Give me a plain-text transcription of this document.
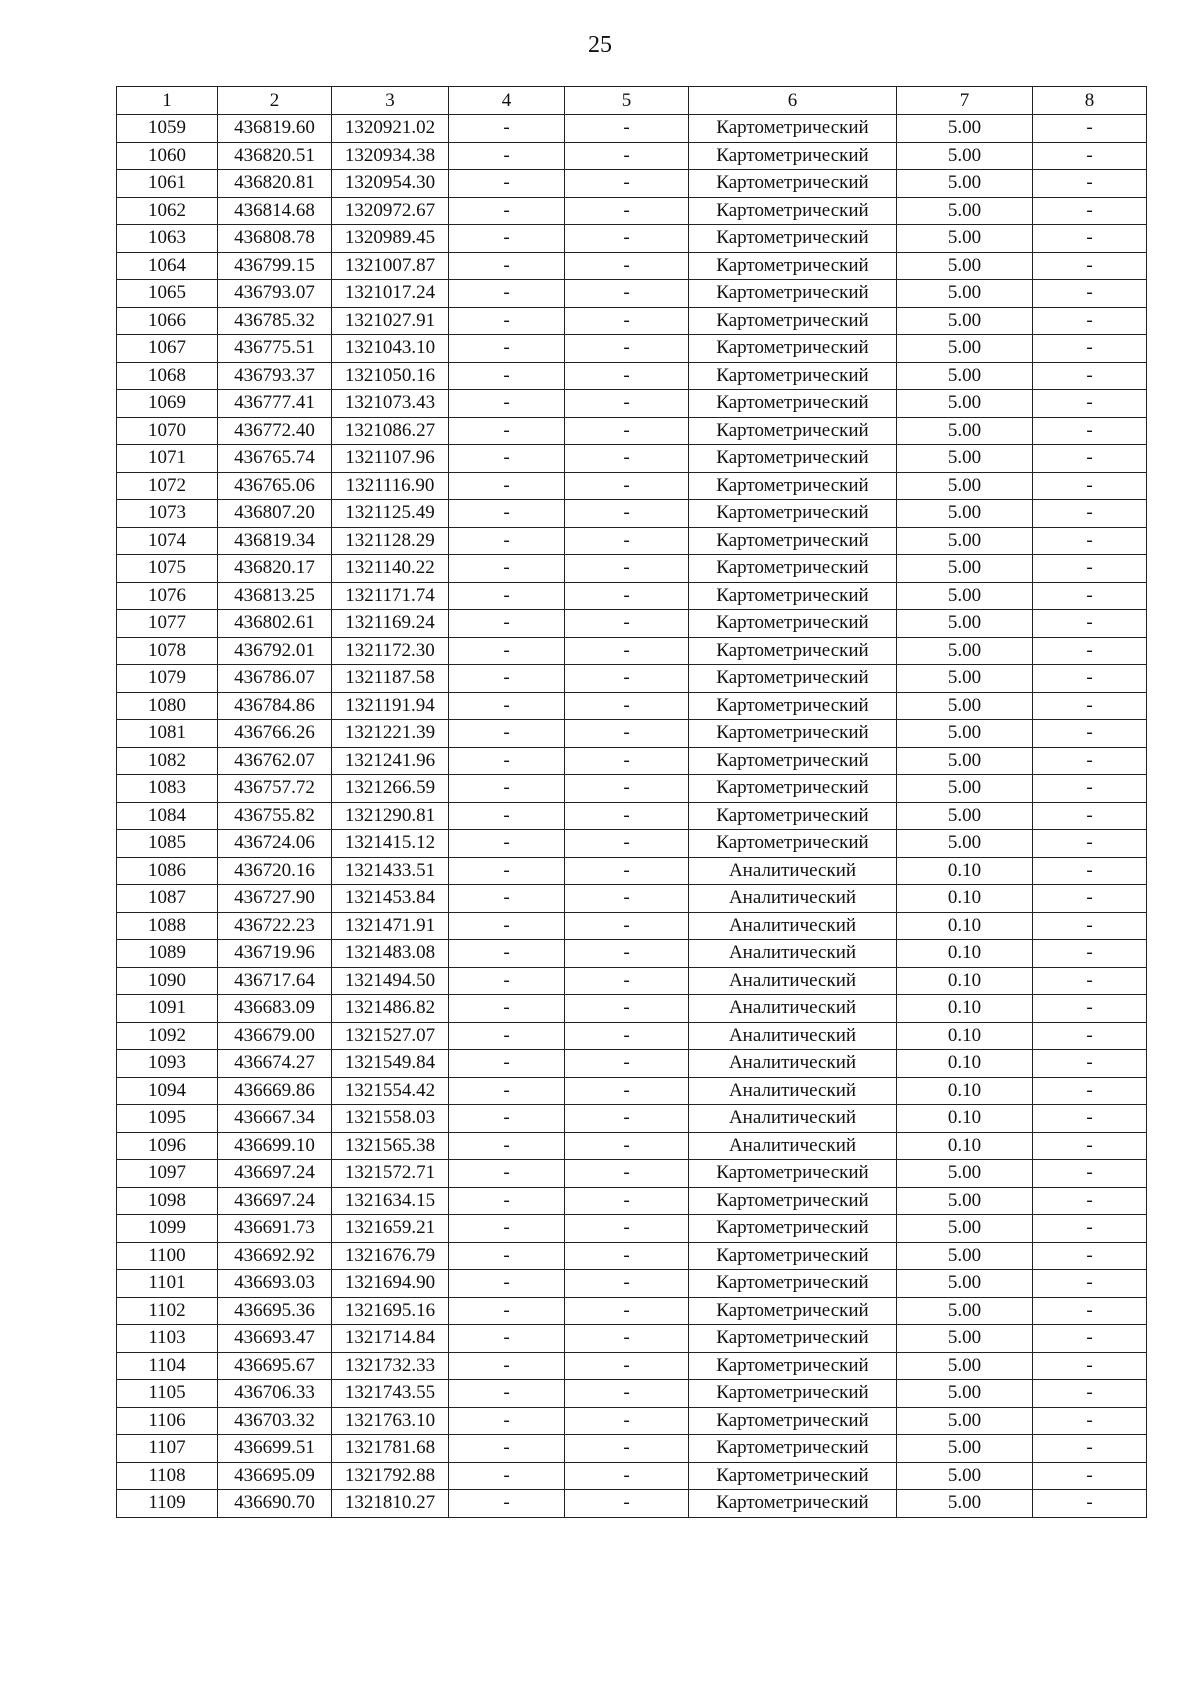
25
1	2	3	4	5	6	7	8
1059	436819.60	1320921.02	-	-	Картометрический	5.00	-
1060	436820.51	1320934.38	-	-	Картометрический	5.00	-
1061	436820.81	1320954.30	-	-	Картометрический	5.00	-
1062	436814.68	1320972.67	-	-	Картометрический	5.00	-
1063	436808.78	1320989.45	-	-	Картометрический	5.00	-
1064	436799.15	1321007.87	-	-	Картометрический	5.00	-
1065	436793.07	1321017.24	-	-	Картометрический	5.00	-
1066	436785.32	1321027.91	-	-	Картометрический	5.00	-
1067	436775.51	1321043.10	-	-	Картометрический	5.00	-
1068	436793.37	1321050.16	-	-	Картометрический	5.00	-
1069	436777.41	1321073.43	-	-	Картометрический	5.00	-
1070	436772.40	1321086.27	-	-	Картометрический	5.00	-
1071	436765.74	1321107.96	-	-	Картометрический	5.00	-
1072	436765.06	1321116.90	-	-	Картометрический	5.00	-
1073	436807.20	1321125.49	-	-	Картометрический	5.00	-
1074	436819.34	1321128.29	-	-	Картометрический	5.00	-
1075	436820.17	1321140.22	-	-	Картометрический	5.00	-
1076	436813.25	1321171.74	-	-	Картометрический	5.00	-
1077	436802.61	1321169.24	-	-	Картометрический	5.00	-
1078	436792.01	1321172.30	-	-	Картометрический	5.00	-
1079	436786.07	1321187.58	-	-	Картометрический	5.00	-
1080	436784.86	1321191.94	-	-	Картометрический	5.00	-
1081	436766.26	1321221.39	-	-	Картометрический	5.00	-
1082	436762.07	1321241.96	-	-	Картометрический	5.00	-
1083	436757.72	1321266.59	-	-	Картометрический	5.00	-
1084	436755.82	1321290.81	-	-	Картометрический	5.00	-
1085	436724.06	1321415.12	-	-	Картометрический	5.00	-
1086	436720.16	1321433.51	-	-	Аналитический	0.10	-
1087	436727.90	1321453.84	-	-	Аналитический	0.10	-
1088	436722.23	1321471.91	-	-	Аналитический	0.10	-
1089	436719.96	1321483.08	-	-	Аналитический	0.10	-
1090	436717.64	1321494.50	-	-	Аналитический	0.10	-
1091	436683.09	1321486.82	-	-	Аналитический	0.10	-
1092	436679.00	1321527.07	-	-	Аналитический	0.10	-
1093	436674.27	1321549.84	-	-	Аналитический	0.10	-
1094	436669.86	1321554.42	-	-	Аналитический	0.10	-
1095	436667.34	1321558.03	-	-	Аналитический	0.10	-
1096	436699.10	1321565.38	-	-	Аналитический	0.10	-
1097	436697.24	1321572.71	-	-	Картометрический	5.00	-
1098	436697.24	1321634.15	-	-	Картометрический	5.00	-
1099	436691.73	1321659.21	-	-	Картометрический	5.00	-
1100	436692.92	1321676.79	-	-	Картометрический	5.00	-
1101	436693.03	1321694.90	-	-	Картометрический	5.00	-
1102	436695.36	1321695.16	-	-	Картометрический	5.00	-
1103	436693.47	1321714.84	-	-	Картометрический	5.00	-
1104	436695.67	1321732.33	-	-	Картометрический	5.00	-
1105	436706.33	1321743.55	-	-	Картометрический	5.00	-
1106	436703.32	1321763.10	-	-	Картометрический	5.00	-
1107	436699.51	1321781.68	-	-	Картометрический	5.00	-
1108	436695.09	1321792.88	-	-	Картометрический	5.00	-
1109	436690.70	1321810.27	-	-	Картометрический	5.00	-
